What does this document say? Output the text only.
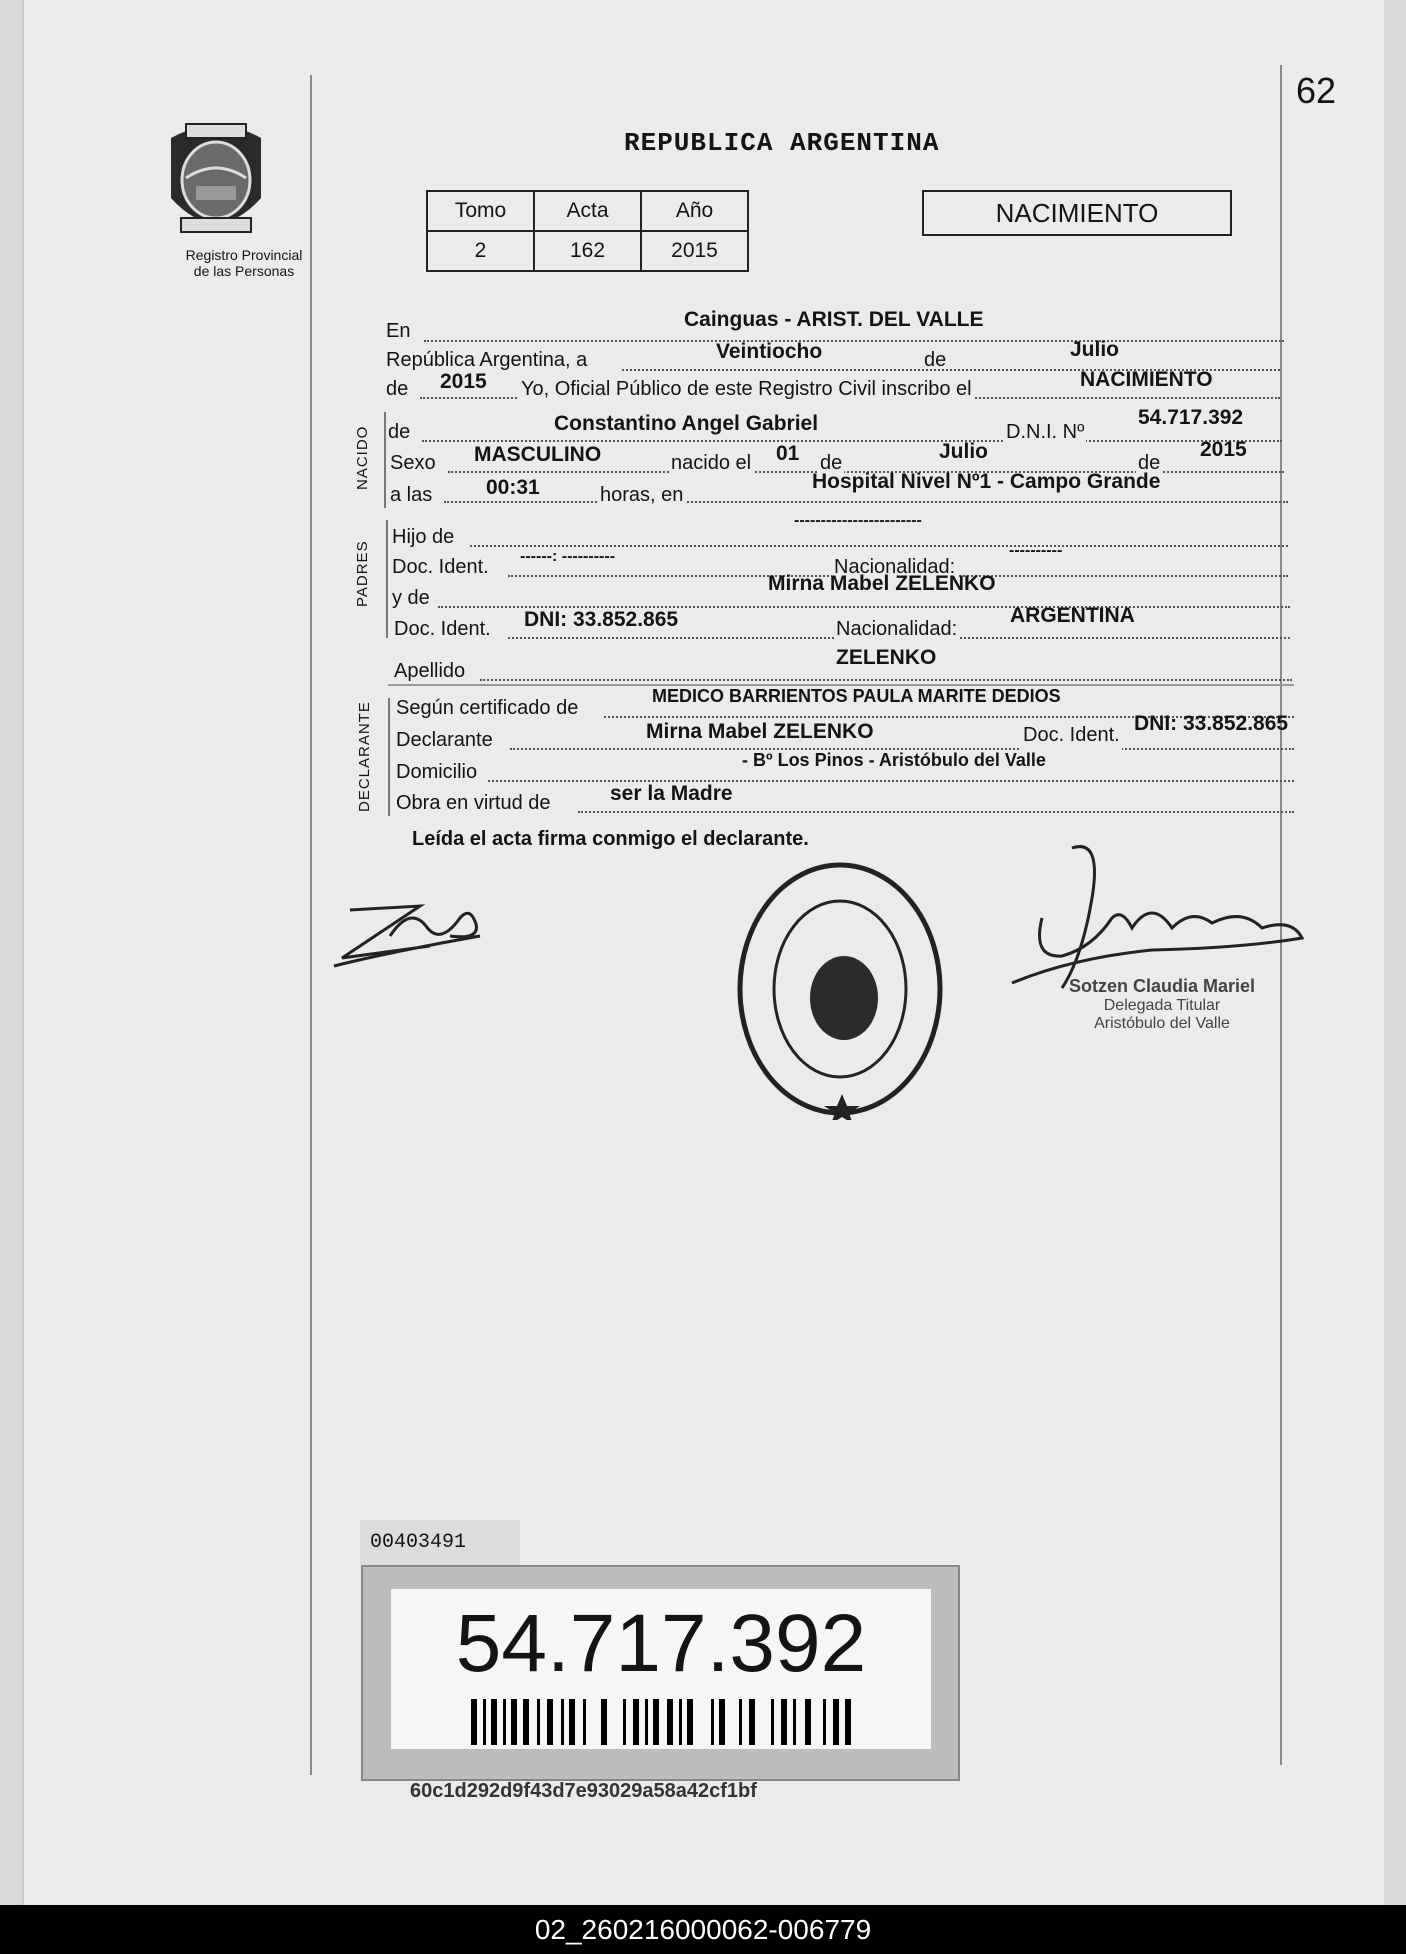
62
Registro Provincial
de las Personas
REPUBLICA ARGENTINA
Tomo	Acta	Año
2	162	2015
NACIMIENTO
NACIDO
PADRES
DECLARANTE
En	Cainguas - ARIST. DEL VALLE
República Argentina, a	Veintiocho	de	Julio
de 2015 Yo, Oficial Público de este Registro Civil inscribo el	NACIMIENTO
de	Constantino Angel Gabriel	D.N.I. Nº
54.717.392
Sexo MASCULINO	nacido el 01 de	Julio	de
2015
a las	00:31	horas, en
Hospital Nivel Nº1 - Campo Grande
Hijo de
------------------------
Doc. Ident. ------: ----------	Nacionalidad:
----------
y de
Mirna Mabel ZELENKO
Doc. Ident. DNI: 33.852.865	Nacionalidad:
ARGENTINA
Apellido
ZELENKO
Según certificado de
MEDICO BARRIENTOS PAULA MARITE DEDIOS
Declarante	Mirna Mabel ZELENKO	Doc. Ident. DNI: 33.852.865
Domicilio
- Bº Los Pinos - Aristóbulo del Valle
Obra en virtud de	ser la Madre
Leída el acta firma conmigo el declarante.
Sotzen Claudia Mariel
Delegada Titular
Aristóbulo del Valle
00403491
54.717.392
60c1d292d9f43d7e93029a58a42cf1bf
02_260216000062-006779
